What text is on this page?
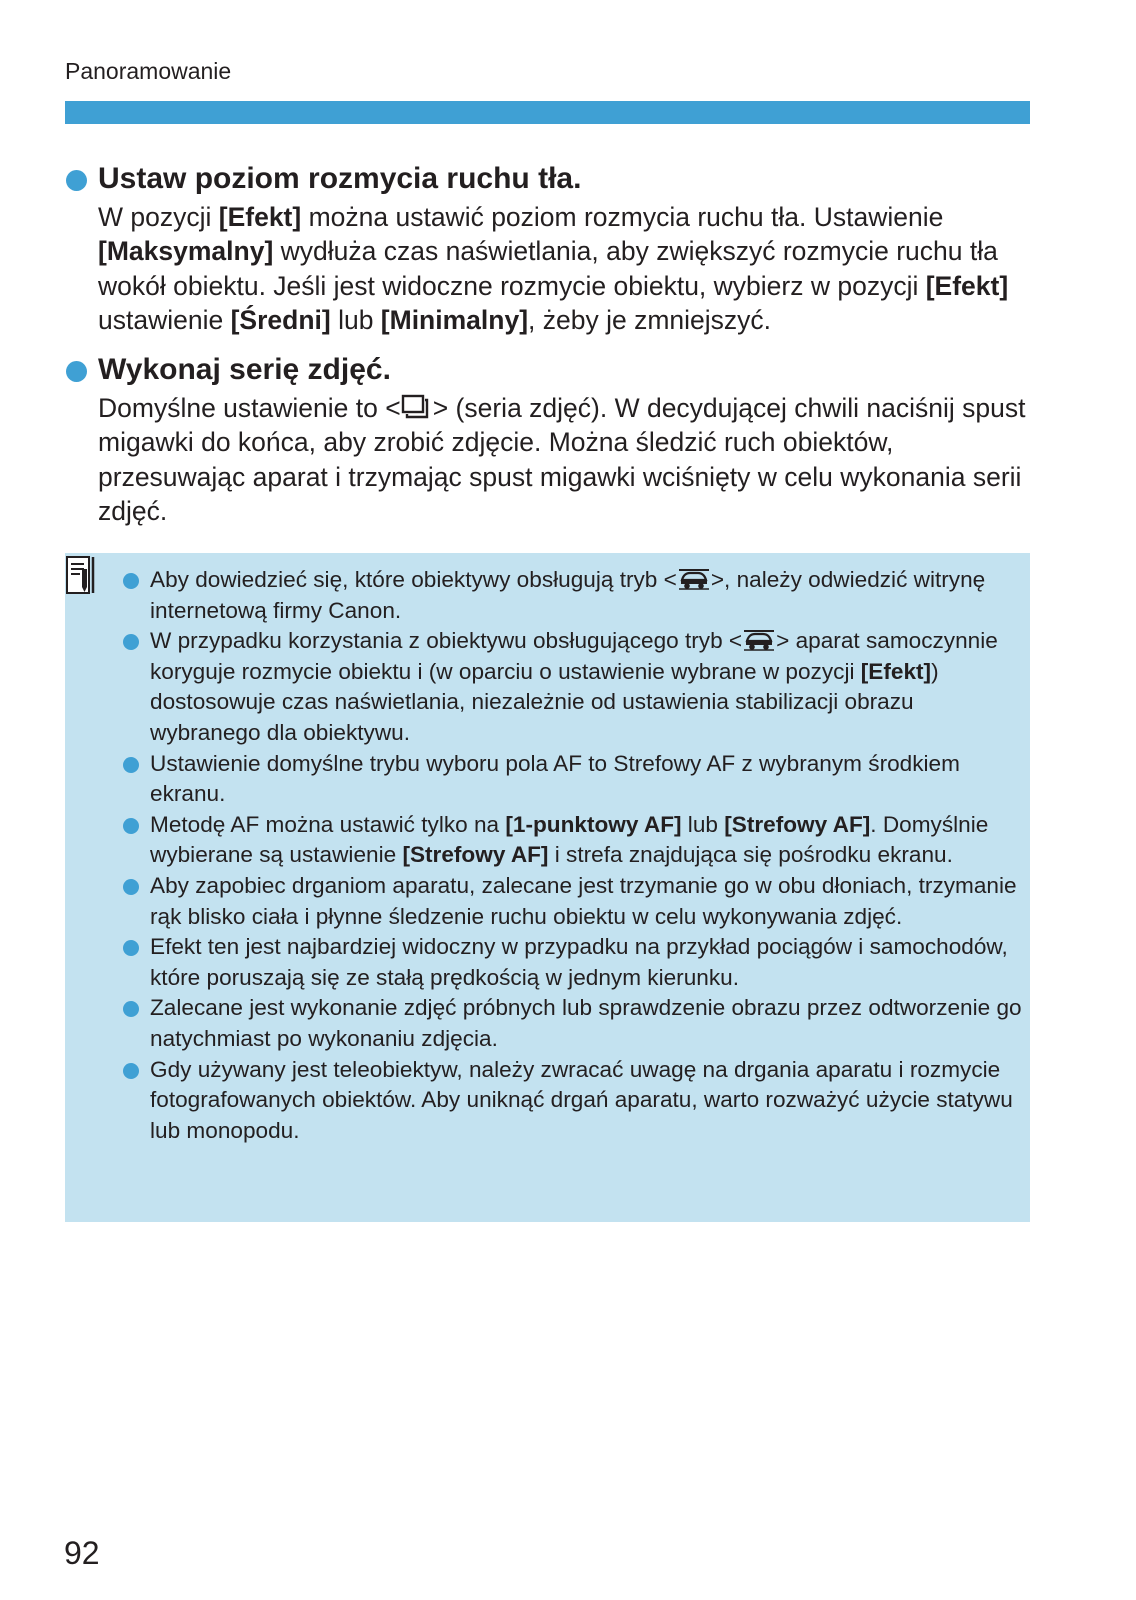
Panoramowanie
Ustaw poziom rozmycia ruchu tła.

W pozycji [Efekt] można ustawić poziom rozmycia ruchu tła. Ustawienie [Maksymalny] wydłuża czas naświetlania, aby zwiększyć rozmycie ruchu tła wokół obiektu. Jeśli jest widoczne rozmycie obiektu, wybierz w pozycji [Efekt] ustawienie [Średni] lub [Minimalny], żeby je zmniejszyć.

Wykonaj serię zdjęć.

Domyślne ustawienie to < > (seria zdjęć). W decydującej chwili naciśnij spust migawki do końca, aby zrobić zdjęcie. Można śledzić ruch obiektów, przesuwając aparat i trzymając spust migawki wciśnięty w celu wykonania serii zdjęć.

Aby dowiedzieć się, które obiektywy obsługują tryb < >, należy odwiedzić witrynę internetową firmy Canon.

W przypadku korzystania z obiektywu obsługującego tryb < > aparat samoczynnie koryguje rozmycie obiektu i (w oparciu o ustawienie wybrane w pozycji [Efekt]) dostosowuje czas naświetlania, niezależnie od ustawienia stabilizacji obrazu wybranego dla obiektywu.

Ustawienie domyślne trybu wyboru pola AF to Strefowy AF z wybranym środkiem ekranu.

Metodę AF można ustawić tylko na [1-punktowy AF] lub [Strefowy AF]. Domyślnie wybierane są ustawienie [Strefowy AF] i strefa znajdująca się pośrodku ekranu.

Aby zapobiec drganiom aparatu, zalecane jest trzymanie go w obu dłoniach, trzymanie rąk blisko ciała i płynne śledzenie ruchu obiektu w celu wykonywania zdjęć.

Efekt ten jest najbardziej widoczny w przypadku na przykład pociągów i samochodów, które poruszają się ze stałą prędkością w jednym kierunku.

Zalecane jest wykonanie zdjęć próbnych lub sprawdzenie obrazu przez odtworzenie go natychmiast po wykonaniu zdjęcia.

Gdy używany jest teleobiektyw, należy zwracać uwagę na drgania aparatu i rozmycie fotografowanych obiektów. Aby uniknąć drgań aparatu, warto rozważyć użycie statywu lub monopodu.

92
